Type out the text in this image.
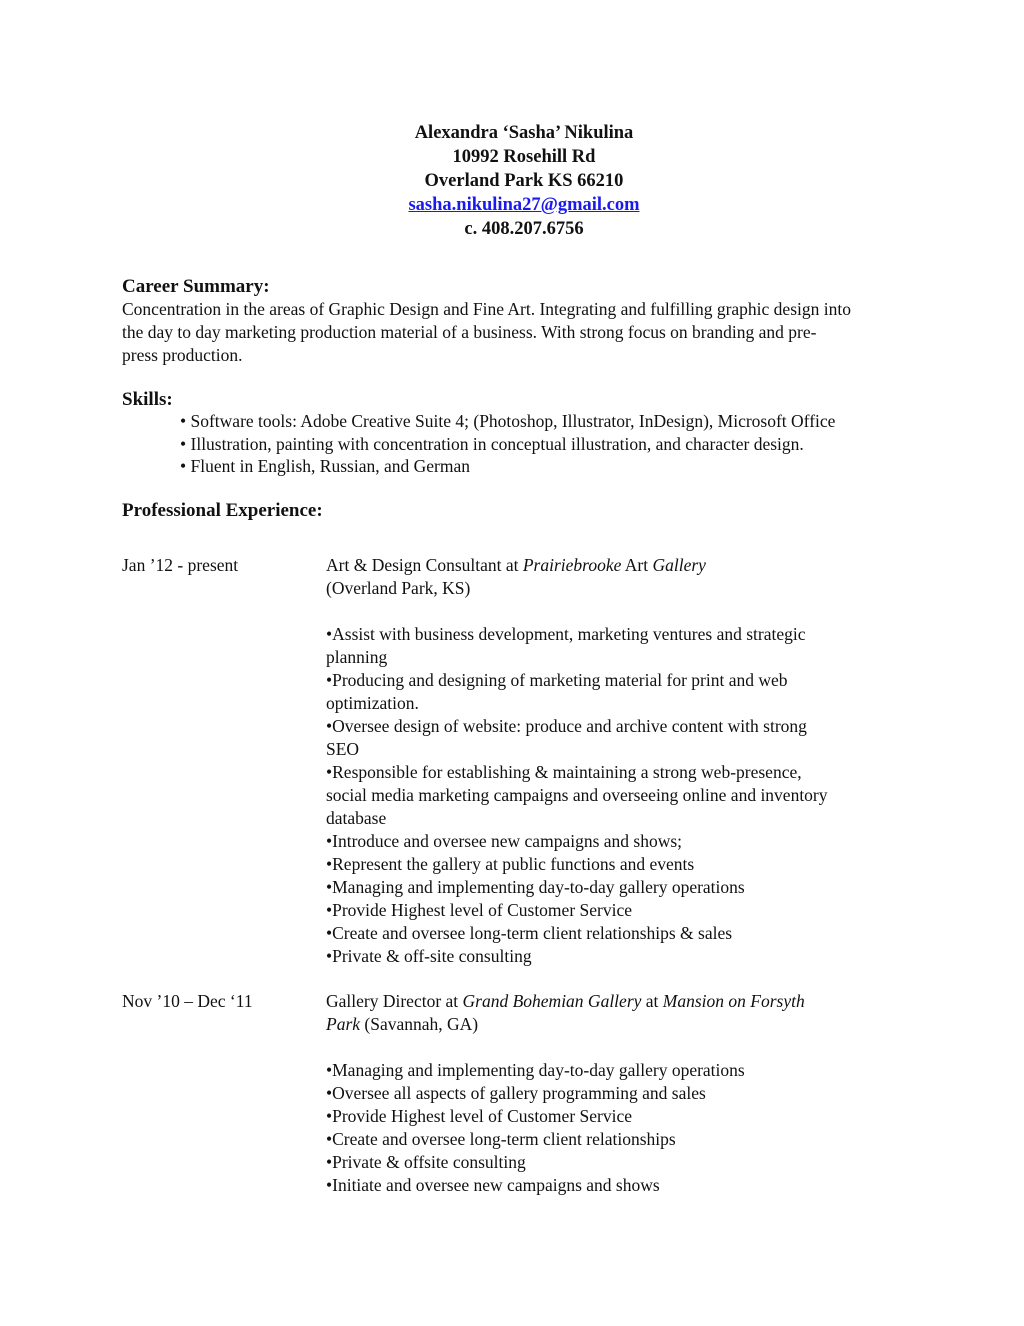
Alexandra ‘Sasha’ Nikulina
10992 Rosehill Rd
Overland Park KS 66210
sasha.nikulina27@gmail.com
c. 408.207.6756
Career Summary:
Concentration in the areas of Graphic Design and Fine Art. Integrating and fulfilling graphic design into
the day to day marketing production material of a business. With strong focus on branding and pre-
press production.
Skills:
• Software tools: Adobe Creative Suite 4; (Photoshop, Illustrator, InDesign), Microsoft Office
• Illustration, painting with concentration in conceptual illustration, and character design.
• Fluent in English, Russian, and German
Professional Experience:
Jan ’12 - present	Art & Design Consultant at Prairiebrooke Art Gallery
(Overland Park, KS)
•Assist with business development, marketing ventures and strategic
planning
•Producing and designing of marketing material for print and web
optimization.
•Oversee design of website: produce and archive content with strong
SEO
•Responsible for establishing & maintaining a strong web-presence,
social media marketing campaigns and overseeing online and inventory
database
•Introduce and oversee new campaigns and shows;
•Represent the gallery at public functions and events
•Managing and implementing day-to-day gallery operations
•Provide Highest level of Customer Service
•Create and oversee long-term client relationships & sales
•Private & off-site consulting
Nov ’10 – Dec ‘11	Gallery Director at Grand Bohemian Gallery at Mansion on Forsyth
Park (Savannah, GA)
•Managing and implementing day-to-day gallery operations
•Oversee all aspects of gallery programming and sales
•Provide Highest level of Customer Service
•Create and oversee long-term client relationships
•Private & offsite consulting
•Initiate and oversee new campaigns and shows
